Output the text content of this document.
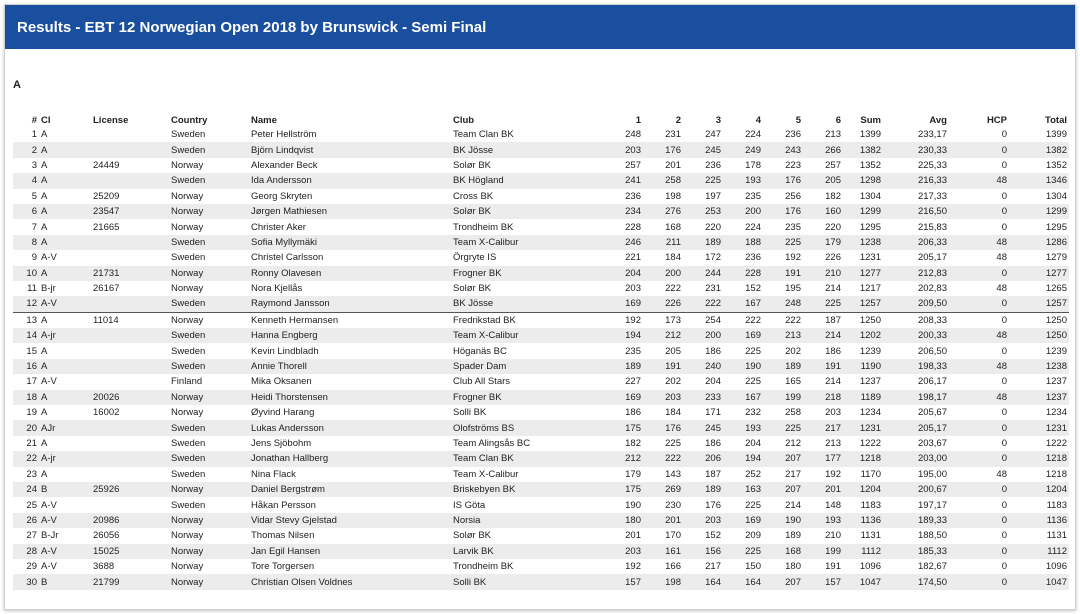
Results - EBT 12 Norwegian Open 2018 by Brunswick - Semi Final
A
#	Cl	License	Country	Name	Club	1	2	3	4	5	6	Sum	Avg	HCP	Total
1	A		Sweden	Peter Hellström	Team Clan BK	248	231	247	224	236	213	1399	233,17	0	1399
2	A		Sweden	Björn Lindqvist	BK Jösse	203	176	245	249	243	266	1382	230,33	0	1382
3	A	24449	Norway	Alexander Beck	Solør BK	257	201	236	178	223	257	1352	225,33	0	1352
4	A		Sweden	Ida Andersson	BK Högland	241	258	225	193	176	205	1298	216,33	48	1346
5	A	25209	Norway	Georg Skryten	Cross BK	236	198	197	235	256	182	1304	217,33	0	1304
6	A	23547	Norway	Jørgen Mathiesen	Solør BK	234	276	253	200	176	160	1299	216,50	0	1299
7	A	21665	Norway	Christer Aker	Trondheim BK	228	168	220	224	235	220	1295	215,83	0	1295
8	A		Sweden	Sofia Myllymäki	Team X-Calibur	246	211	189	188	225	179	1238	206,33	48	1286
9	A-V		Sweden	Christel Carlsson	Örgryte IS	221	184	172	236	192	226	1231	205,17	48	1279
10	A	21731	Norway	Ronny Olavesen	Frogner BK	204	200	244	228	191	210	1277	212,83	0	1277
11	B-jr	26167	Norway	Nora Kjellås	Solør BK	203	222	231	152	195	214	1217	202,83	48	1265
12	A-V		Sweden	Raymond Jansson	BK Jösse	169	226	222	167	248	225	1257	209,50	0	1257
13	A	11014	Norway	Kenneth Hermansen	Fredrikstad BK	192	173	254	222	222	187	1250	208,33	0	1250
14	A-jr		Sweden	Hanna Engberg	Team X-Calibur	194	212	200	169	213	214	1202	200,33	48	1250
15	A		Sweden	Kevin Lindbladh	Höganäs BC	235	205	186	225	202	186	1239	206,50	0	1239
16	A		Sweden	Annie Thorell	Spader Dam	189	191	240	190	189	191	1190	198,33	48	1238
17	A-V		Finland	Mika Oksanen	Club All Stars	227	202	204	225	165	214	1237	206,17	0	1237
18	A	20026	Norway	Heidi Thorstensen	Frogner BK	169	203	233	167	199	218	1189	198,17	48	1237
19	A	16002	Norway	Øyvind Harang	Solli BK	186	184	171	232	258	203	1234	205,67	0	1234
20	AJr		Sweden	Lukas Andersson	Olofströms BS	175	176	245	193	225	217	1231	205,17	0	1231
21	A		Sweden	Jens Sjöbohm	Team Alingsås BC	182	225	186	204	212	213	1222	203,67	0	1222
22	A-jr		Sweden	Jonathan Hallberg	Team Clan BK	212	222	206	194	207	177	1218	203,00	0	1218
23	A		Sweden	Nina Flack	Team X-Calibur	179	143	187	252	217	192	1170	195,00	48	1218
24	B	25926	Norway	Daniel Bergstrøm	Briskebyen BK	175	269	189	163	207	201	1204	200,67	0	1204
25	A-V		Sweden	Håkan Persson	IS Göta	190	230	176	225	214	148	1183	197,17	0	1183
26	A-V	20986	Norway	Vidar Stevy Gjelstad	Norsia	180	201	203	169	190	193	1136	189,33	0	1136
27	B-Jr	26056	Norway	Thomas Nilsen	Solør BK	201	170	152	209	189	210	1131	188,50	0	1131
28	A-V	15025	Norway	Jan Egil Hansen	Larvik BK	203	161	156	225	168	199	1112	185,33	0	1112
29	A-V	3688	Norway	Tore Torgersen	Trondheim BK	192	166	217	150	180	191	1096	182,67	0	1096
30	B	21799	Norway	Christian Olsen Voldnes	Solli BK	157	198	164	164	207	157	1047	174,50	0	1047
